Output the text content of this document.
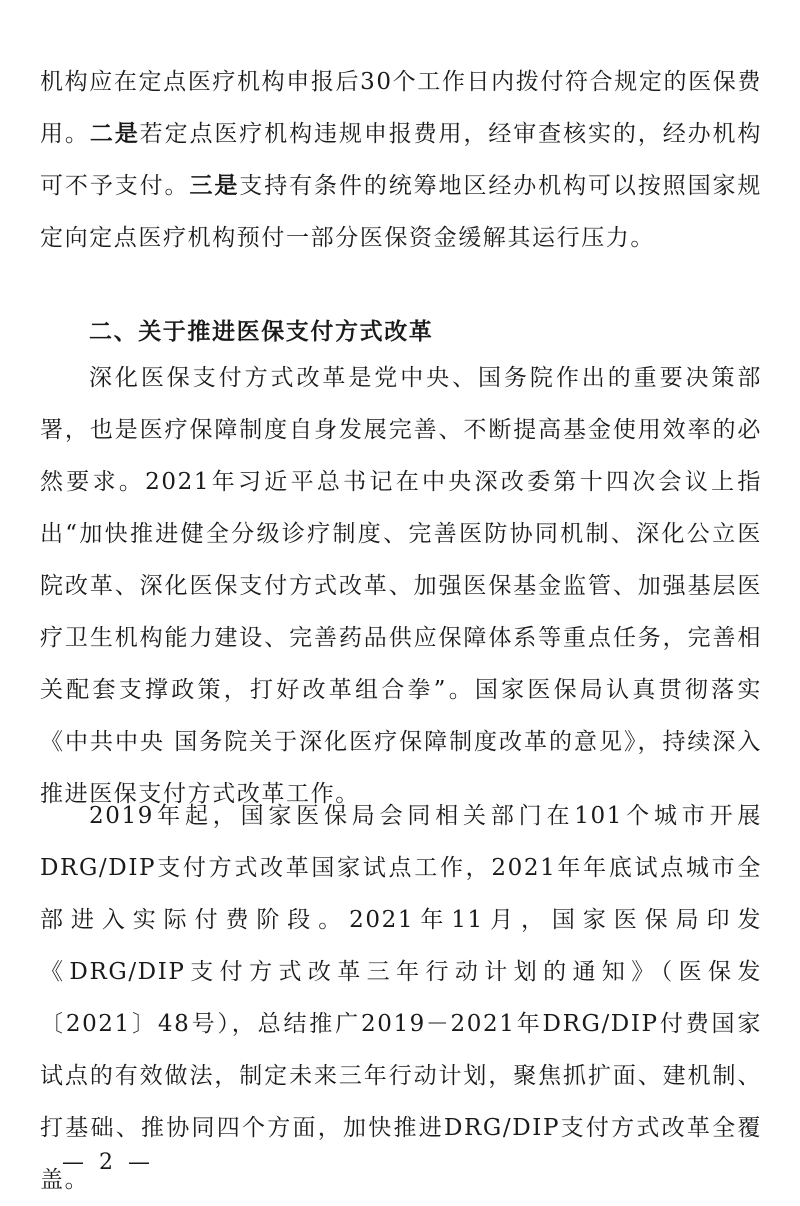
机构应在定点医疗机构申报后30个工作日内拨付符合规定的医保费用。二是若定点医疗机构违规申报费用，经审查核实的，经办机构可不予支付。三是支持有条件的统筹地区经办机构可以按照国家规定向定点医疗机构预付一部分医保资金缓解其运行压力。

二、关于推进医保支付方式改革

深化医保支付方式改革是党中央、国务院作出的重要决策部署，也是医疗保障制度自身发展完善、不断提高基金使用效率的必然要求。2021年习近平总书记在中央深改委第十四次会议上指出“加快推进健全分级诊疗制度、完善医防协同机制、深化公立医院改革、深化医保支付方式改革、加强医保基金监管、加强基层医疗卫生机构能力建设、完善药品供应保障体系等重点任务，完善相关配套支撑政策，打好改革组合拳”。国家医保局认真贯彻落实《中共中央 国务院关于深化医疗保障制度改革的意见》，持续深入推进医保支付方式改革工作。

2019年起，国家医保局会同相关部门在101个城市开展DRG/DIP支付方式改革国家试点工作，2021年年底试点城市全部进入实际付费阶段。2021年11月，国家医保局印发《DRG/DIP支付方式改革三年行动计划的通知》（医保发〔2021〕48号），总结推广2019－2021年DRG/DIP付费国家试点的有效做法，制定未来三年行动计划，聚焦抓扩面、建机制、打基础、推协同四个方面，加快推进DRG/DIP支付方式改革全覆盖。

— 2 —
